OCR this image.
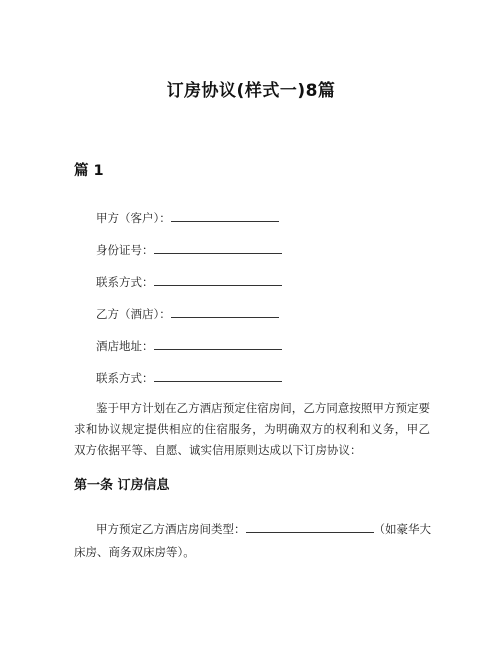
订房协议(样式一)8篇
篇 1
甲方（客户）：
身份证号：
联系方式：
乙方（酒店）：
酒店地址：
联系方式：
鉴于甲方计划在乙方酒店预定住宿房间，乙方同意按照甲方预定要求和协议规定提供相应的住宿服务，为明确双方的权利和义务，甲乙双方依据平等、自愿、诚实信用原则达成以下订房协议：
第一条 订房信息
甲方预定乙方酒店房间类型：	（如豪华大床房、商务双床房等）。
